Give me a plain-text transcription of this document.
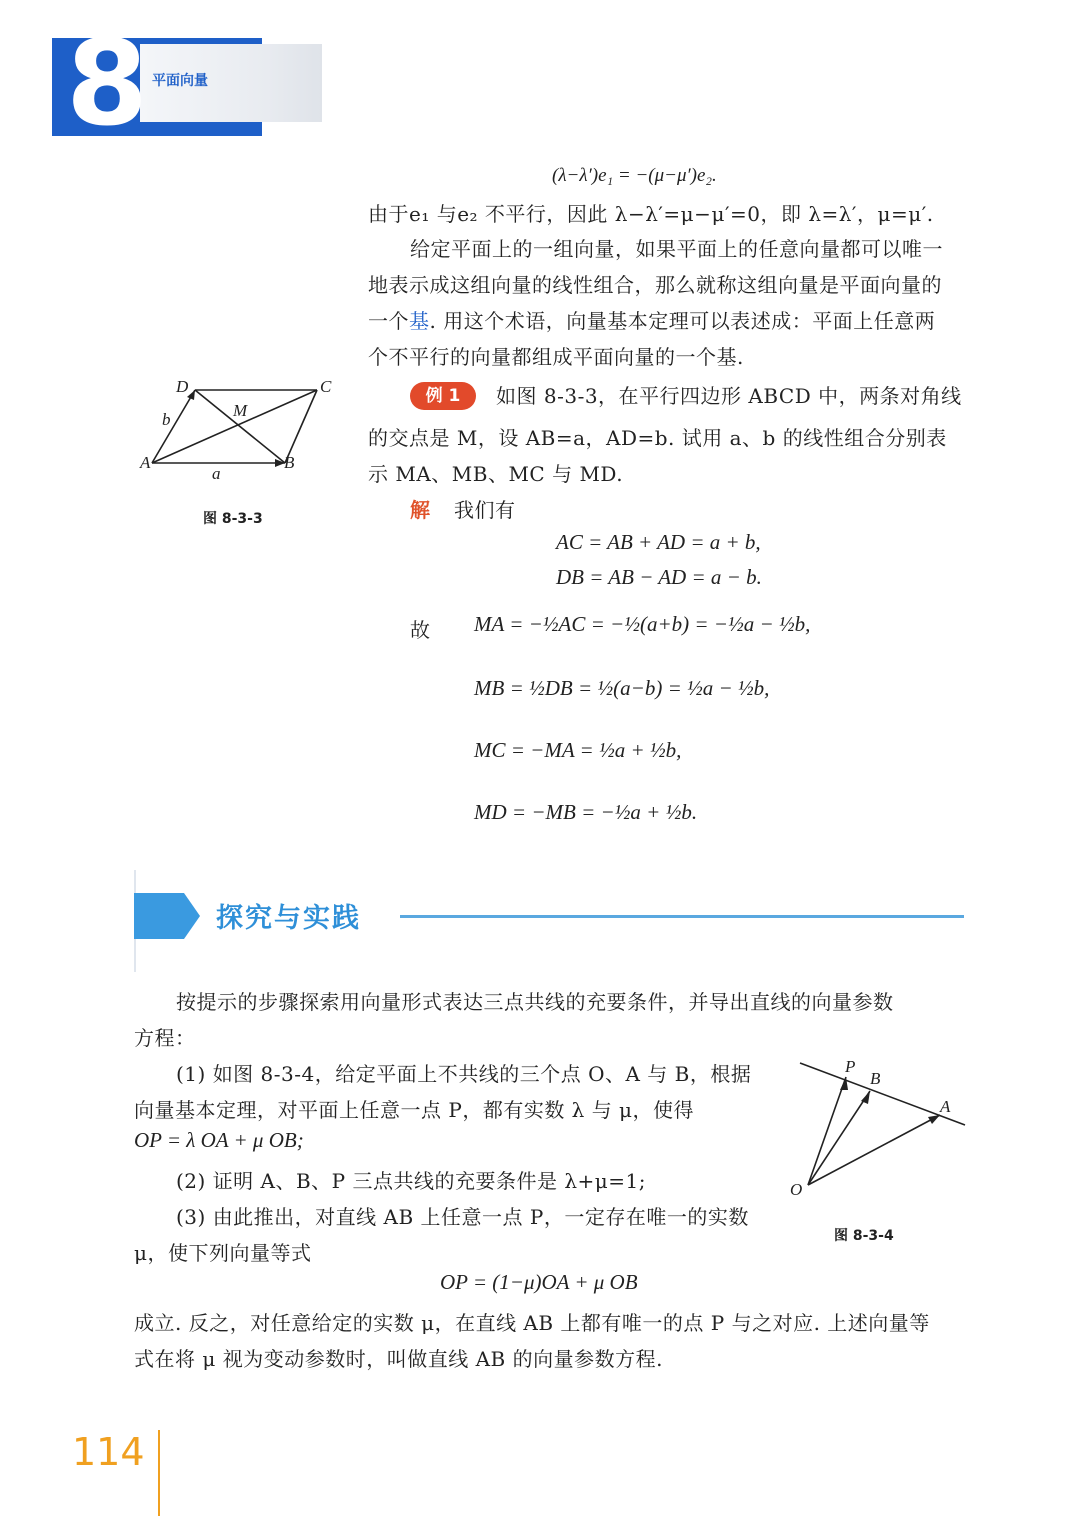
8 平面向量
(λ−λ′)e₁ = −(μ−μ′)e₂.
由于e₁ 与e₂ 不平行，因此 λ−λ′=μ−μ′=0，即 λ=λ′，μ=μ′.
给定平面上的一组向量，如果平面上的任意向量都可以唯一
地表示成这组向量的线性组合，那么就称这组向量是平面向量的
一个基. 用这个术语，向量基本定理可以表述成：平面上任意两
个不平行的向量都组成平面向量的一个基.
D	C
M
b
A	B
a
图 8-3-3
例 1	如图 8-3-3，在平行四边形 ABCD 中，两条对角线
的交点是 M，设 AB=a，AD=b. 试用 a、b 的线性组合分别表
示 MA、MB、MC 与 MD.
解 我们有
AC = AB + AD = a + b,
DB = AB − AD = a − b.
故 MA = −½AC = −½(a+b) = −½a − ½b,
MB = ½DB = ½(a−b) = ½a − ½b,
MC = −MA = ½a + ½b,
MD = −MB = −½a + ½b.
探究与实践
按提示的步骤探索用向量形式表达三点共线的充要条件，并导出直线的向量参数
方程：
(1) 如图 8-3-4，给定平面上不共线的三个点 O、A 与 B，根据
向量基本定理，对平面上任意一点 P，都有实数 λ 与 μ，使得
OP = λ OA + μ OB;
(2) 证明 A、B、P 三点共线的充要条件是 λ+μ=1;
(3) 由此推出，对直线 AB 上任意一点 P，一定存在唯一的实数
μ，使下列向量等式
OP = (1−μ)OA + μ OB
成立. 反之，对任意给定的实数 μ，在直线 AB 上都有唯一的点 P 与之对应. 上述向量等
式在将 μ 视为变动参数时，叫做直线 AB 的向量参数方程.
P
B
A
O
图 8-3-4
114
